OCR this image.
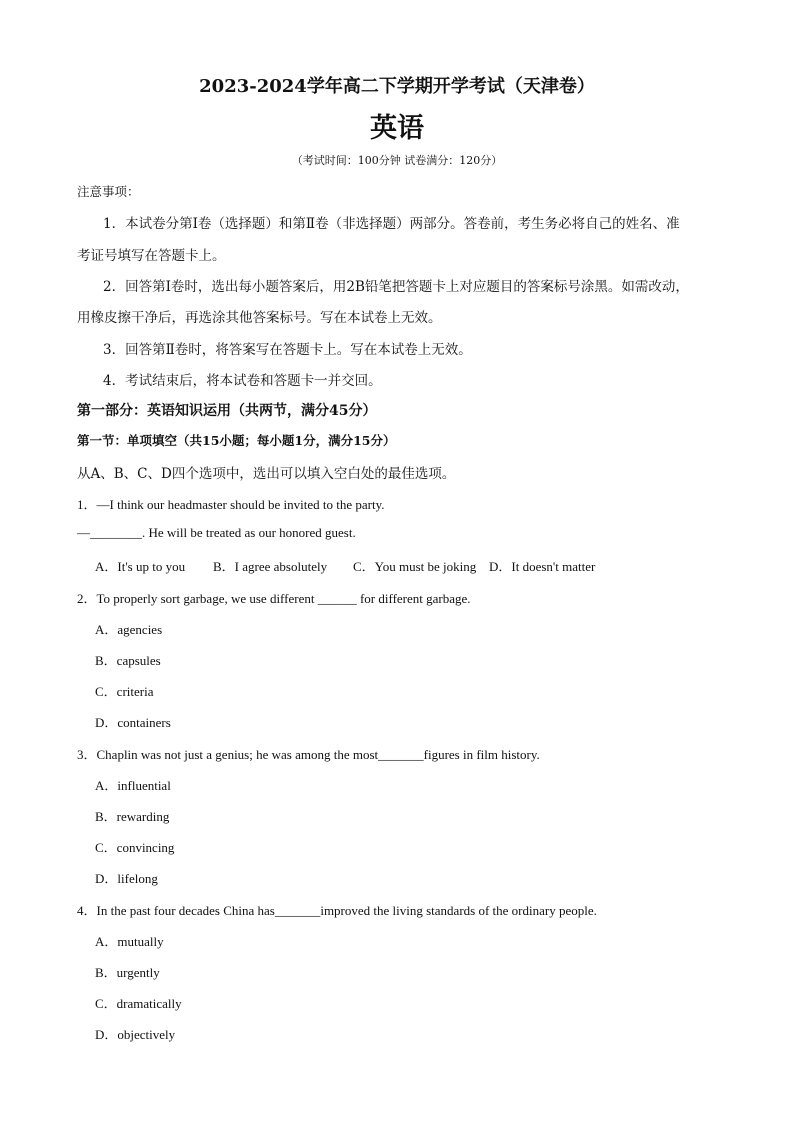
2023-2024学年高二下学期开学考试（天津卷）
英语
（考试时间：100分钟 试卷满分：120分）
注意事项：
1．本试卷分第Ⅰ卷（选择题）和第Ⅱ卷（非选择题）两部分。答卷前，考生务必将自己的姓名、准
考证号填写在答题卡上。
2．回答第Ⅰ卷时，选出每小题答案后，用2B铅笔把答题卡上对应题目的答案标号涂黑。如需改动，
用橡皮擦干净后，再选涂其他答案标号。写在本试卷上无效。
3．回答第Ⅱ卷时，将答案写在答题卡上。写在本试卷上无效。
4．考试结束后，将本试卷和答题卡一并交回。
第一部分：英语知识运用（共两节，满分45分）
第一节：单项填空（共15小题；每小题1分，满分15分）
从A、B、C、D四个选项中，选出可以填入空白处的最佳选项。
1．—I think our headmaster should be invited to the party.
—________. He will be treated as our honored guest.
A．It's up to you B．I agree absolutely C．You must be joking D．It doesn't matter
2．To properly sort garbage, we use different ______ for different garbage.
A．agencies
B．capsules
C．criteria
D．containers
3．Chaplin was not just a genius; he was among the most_______figures in film history.
A．influential
B．rewarding
C．convincing
D．lifelong
4．In the past four decades China has_______improved the living standards of the ordinary people.
A．mutually
B．urgently
C．dramatically
D．objectively
